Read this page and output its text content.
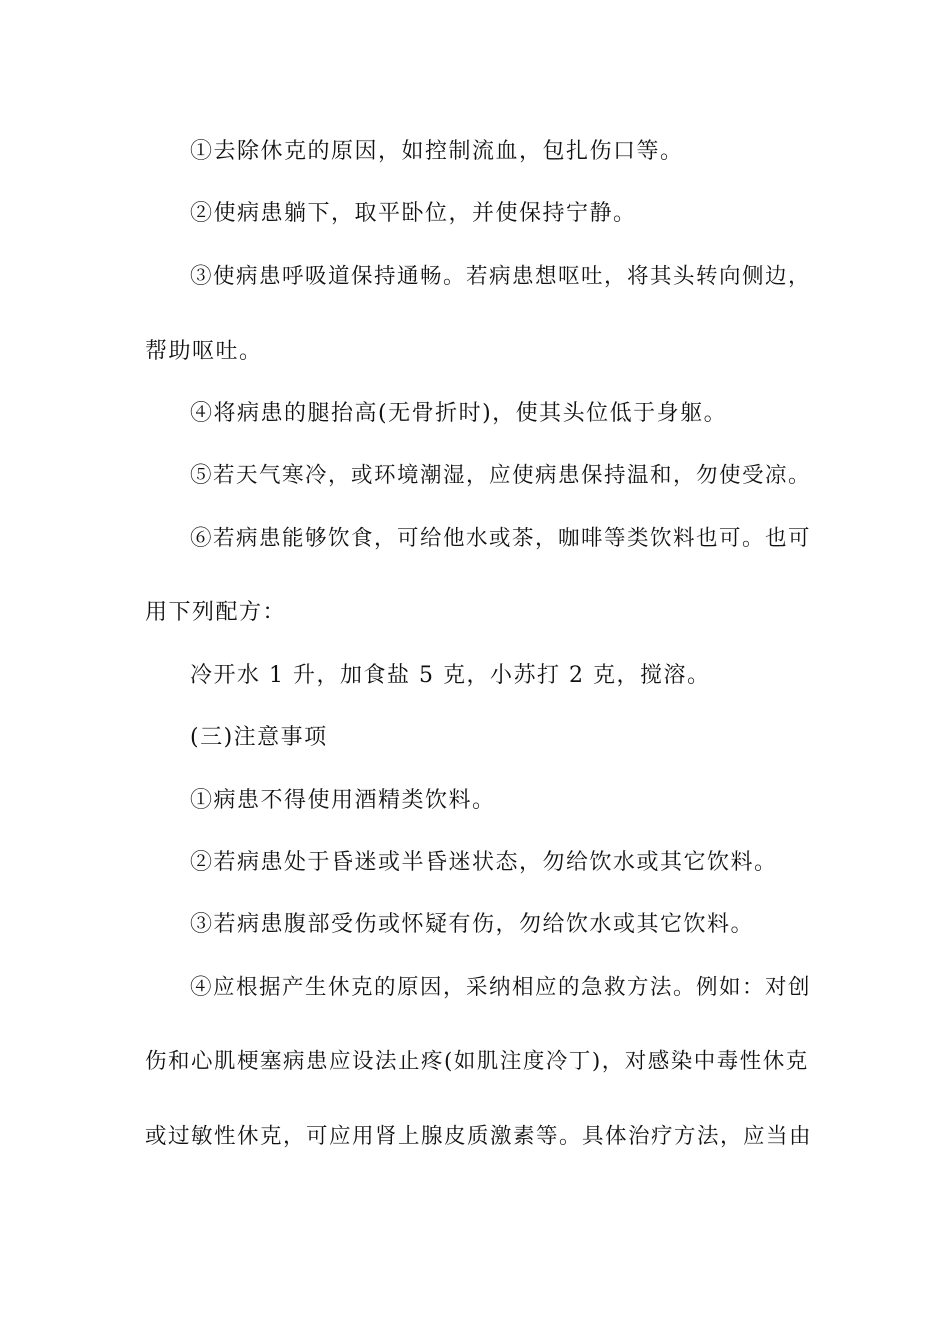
①去除休克的原因，如控制流血，包扎伤口等。
②使病患躺下，取平卧位，并使保持宁静。
③使病患呼吸道保持通畅。若病患想呕吐，将其头转向侧边，
帮助呕吐。
④将病患的腿抬高(无骨折时)，使其头位低于身躯。
⑤若天气寒冷，或环境潮湿，应使病患保持温和，勿使受凉。
⑥若病患能够饮食，可给他水或茶，咖啡等类饮料也可。也可
用下列配方：
冷开水 1 升，加食盐 5 克，小苏打 2 克，搅溶。
(三)注意事项
①病患不得使用酒精类饮料。
②若病患处于昏迷或半昏迷状态，勿给饮水或其它饮料。
③若病患腹部受伤或怀疑有伤，勿给饮水或其它饮料。
④应根据产生休克的原因，采纳相应的急救方法。例如：对创
伤和心肌梗塞病患应设法止疼(如肌注度冷丁)，对感染中毒性休克
或过敏性休克，可应用肾上腺皮质激素等。具体治疗方法，应当由
